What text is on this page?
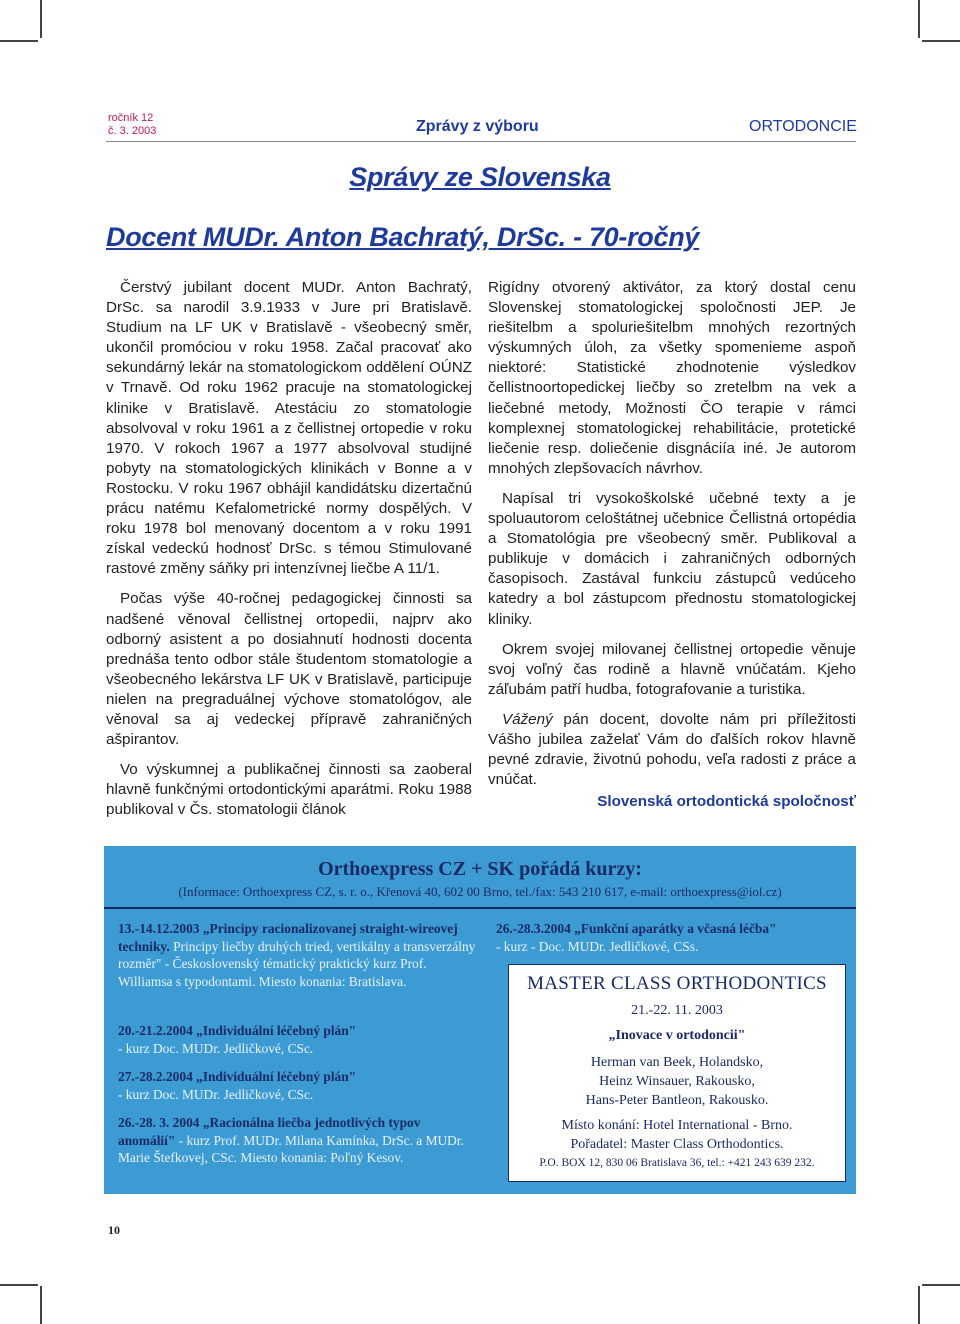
ročník 12
č. 3. 2003	Zprávy z výboru	ORTODONCIE
Správy ze Slovenska
Docent MUDr. Anton Bachratý, DrSc. - 70-ročný

Čerstvý jubilant docent MUDr. Anton Bachratý, DrSc. sa narodil 3.9.1933 v Jure pri Bratislavě. Studium na LF UK v Bratislavě - všeobecný směr, ukončil promóciou v roku 1958. Začal pracovať ako sekundárný lekár na stomatologickom oddělení OÚNZ v Trnavě. Od roku 1962 pracuje na stomatologickej klinike v Bratislavě. Atestáciu zo stomatologie absolvoval v roku 1961 a z čellistnej ortopedie v roku 1970. V rokoch 1967 a 1977 absolvoval studijné pobyty na stomatologických klinikách v Bonne a v Rostocku. V roku 1967 obhájil kandidátsku dizertačnú prácu natému Kefalometrické normy dospělých. V roku 1978 bol menovaný docentom a v roku 1991 získal vedeckú hodnosť DrSc. s témou Stimulované rastové změny sáňky pri intenzívnej liečbe A 11/1.

Počas výše 40-ročnej pedagogickej činnosti sa nadšené věnoval čellistnej ortopedii, najprv ako odborný asistent a po dosiahnutí hodnosti docenta prednáša tento odbor stále študentom stomatologie a všeobecného lekárstva LF UK v Bratislavě, participuje nielen na pregraduálnej výchove stomatológov, ale věnoval sa aj vedeckej přípravě zahraničných ašpirantov.

Vo výskumnej a publikačnej činnosti sa zaoberal hlavně funkčnými ortodontickými aparátmi. Roku 1988 publikoval v Čs. stomatologii článok

Rigídny otvorený aktivátor, za ktorý dostal cenu Slovenskej stomatologickej spoločnosti JEP. Je riešitelbm a spoluriešitelbm mnohých rezortných výskumných úloh, za všetky spomenieme aspoň niektoré: Statistické zhodnotenie výsledkov čellistnoortopedickej liečby so zretelbm na vek a liečebné metody, Možnosti ČO terapie v rámci komplexnej stomatologickej rehabilitácie, protetické liečenie resp. doliečenie disgnáciía iné. Je autorom mnohých zlepšovacích návrhov.

Napísal tri vysokoškolské učebné texty a je spoluautorom celoštátnej učebnice Čellistná ortopédia a Stomatológia pre všeobecný směr. Publikoval a publikuje v domácich i zahraničných odborných časopisoch. Zastával funkciu zástupců vedúceho katedry a bol zástupcom přednostu stomatologickej kliniky.

Okrem svojej milovanej čellistnej ortopedie věnuje svoj voľný čas rodině a hlavně vnúčatám. Kjeho záľubám patří hudba, fotografovanie a turistika.

Vážený pán docent, dovolte nám pri příležitosti Vášho jubilea zaželať Vám do ďalších rokov hlavně pevné zdravie, životnú pohodu, veľa radosti z práce a vnúčat.

Slovenská ortodontická spoločnosť
Orthoexpress CZ + SK pořádá kurzy:
(Informace: Orthoexpress CZ, s. r. o., Křenová 40, 602 00 Brno, tel./fax: 543 210 617, e-mail: orthoexpress@iol.cz)
13.-14.12.2003 „Principy racionalizovanej straight-wireovej techniky. Principy liečby druhých tried, vertikálny a transverzálny rozměr" - Československý tématický praktický kurz Prof. Williamsa s typodontami. Miesto konania: Bratislava.
20.-21.2.2004 „Individuální léčebný plán"
- kurz Doc. MUDr. Jedličkové, CSc.
27.-28.2.2004 „Individuální léčebný plán"
- kurz Doc. MUDr. Jedličkové, CSc.
26.-28. 3. 2004 „Racionálna liečba jednotlivých typov anomálií" - kurz Prof. MUDr. Milana Kamínka, DrSc. a MUDr. Marie Štefkovej, CSc. Miesto konania: Poľný Kesov.
26.-28.3.2004 „Funkční aparátky a včasná léčba"
- kurz - Doc. MUDr. Jedličkové, CSs.
MASTER CLASS ORTHODONTICS
21.-22. 11. 2003
„Inovace v ortodoncii"
Herman van Beek, Holandsko,
Heinz Winsauer, Rakousko,
Hans-Peter Bantleon, Rakousko.
Místo konání: Hotel International - Brno.
Pořadatel: Master Class Orthodontics.
P.O. BOX 12, 830 06 Bratislava 36, tel.: +421 243 639 232.
10
